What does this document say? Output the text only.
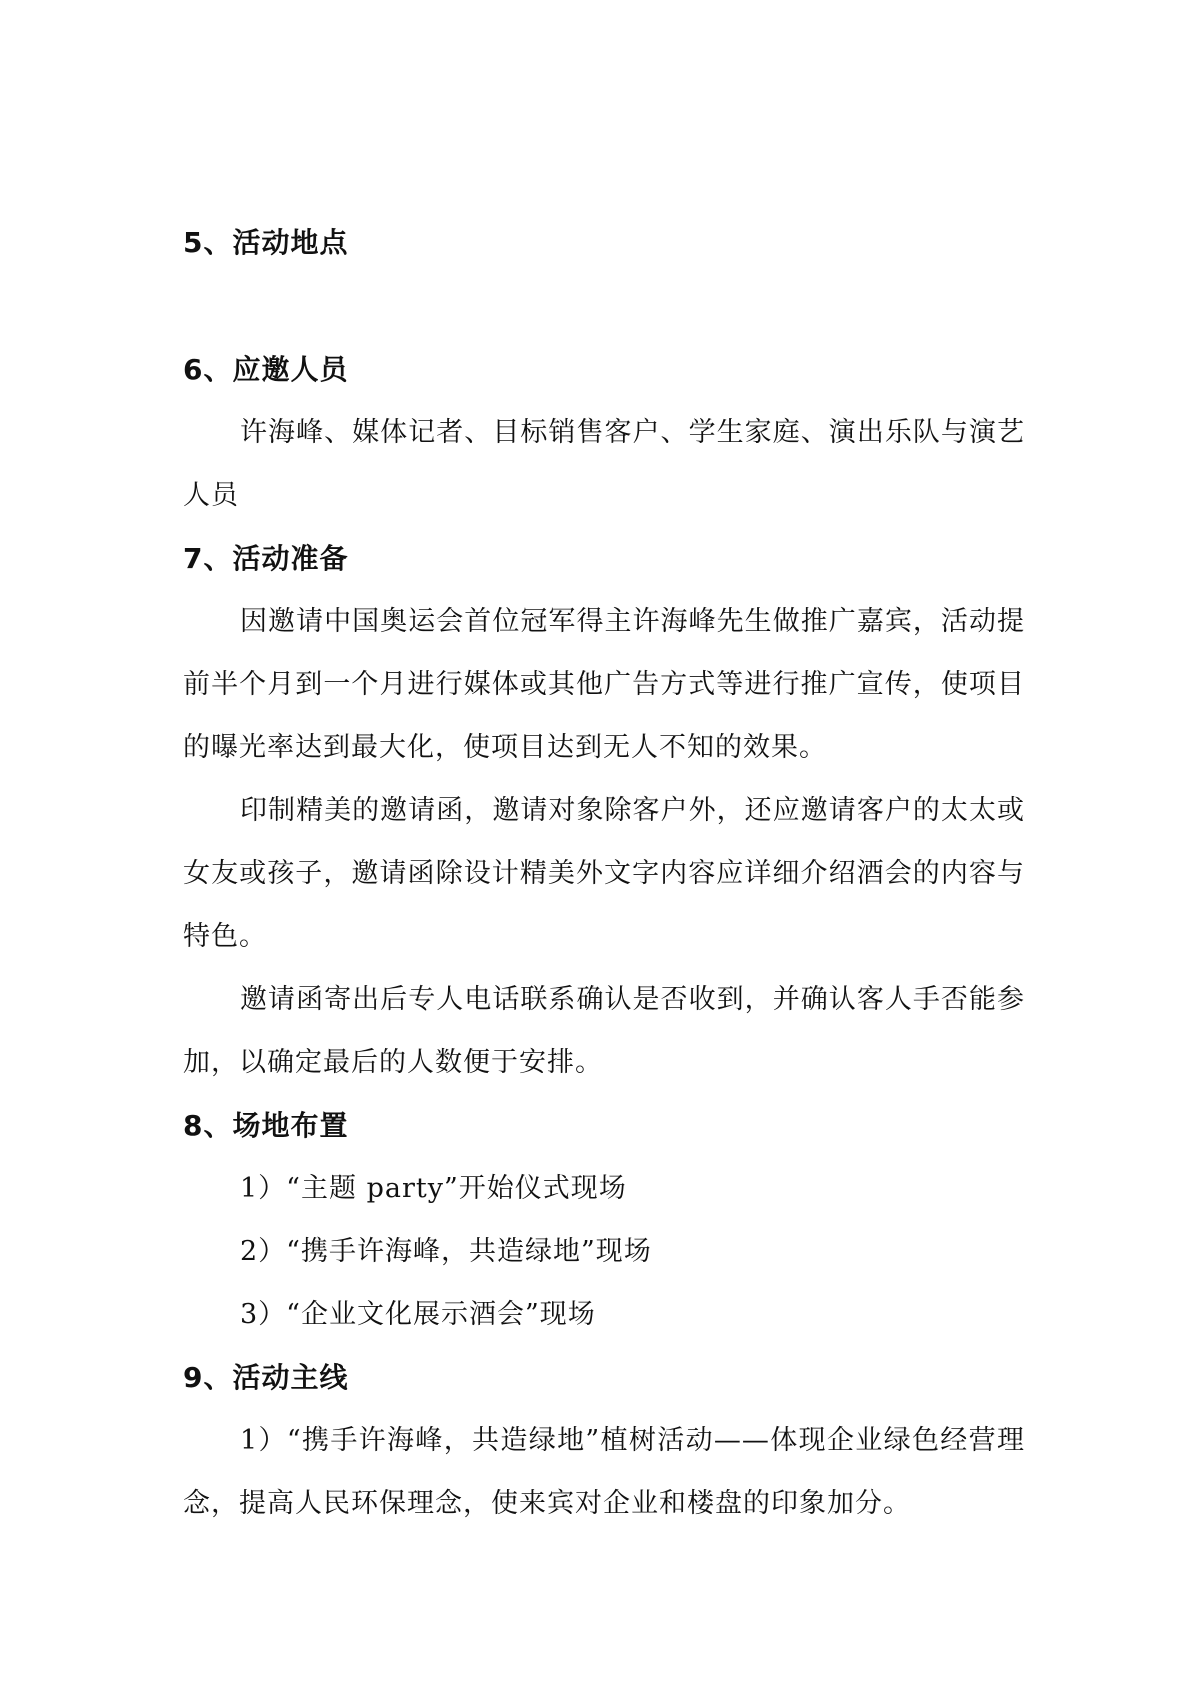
5、活动地点
6、应邀人员
许海峰、媒体记者、目标销售客户、学生家庭、演出乐队与演艺
人员
7、活动准备
因邀请中国奥运会首位冠军得主许海峰先生做推广嘉宾，活动提
前半个月到一个月进行媒体或其他广告方式等进行推广宣传，使项目
的曝光率达到最大化，使项目达到无人不知的效果。
印制精美的邀请函，邀请对象除客户外，还应邀请客户的太太或
女友或孩子，邀请函除设计精美外文字内容应详细介绍酒会的内容与
特色。
邀请函寄出后专人电话联系确认是否收到，并确认客人手否能参
加，以确定最后的人数便于安排。
8、场地布置
1）“主题 party”开始仪式现场
2）“携手许海峰，共造绿地”现场
3）“企业文化展示酒会”现场
9、活动主线
1）“携手许海峰，共造绿地”植树活动——体现企业绿色经营理
念，提高人民环保理念，使来宾对企业和楼盘的印象加分。
